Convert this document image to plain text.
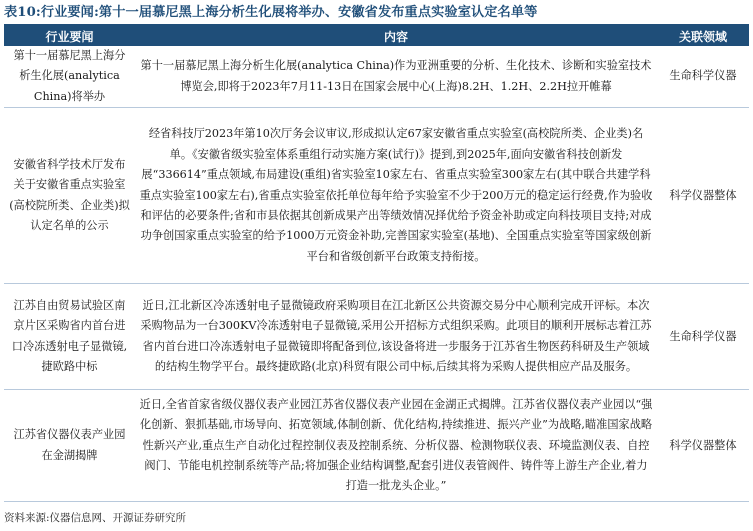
表10:行业要闻:第十一届慕尼黑上海分析生化展将举办、安徽省发布重点实验室认定名单等
行业要闻	内容	关联领域
第十一届慕尼黑上海分析生化展(analytica China)将举办	第十一届慕尼黑上海分析生化展(analytica China)作为亚洲重要的分析、生化技术、诊断和实验室技术博览会,即将于2023年7月11-13日在国家会展中心(上海)8.2H、1.2H、2.2H拉开帷幕	生命科学仪器
安徽省科学技术厅发布关于安徽省重点实验室(高校院所类、企业类)拟认定名单的公示	经省科技厅2023年第10次厅务会议审议,形成拟认定67家安徽省重点实验室(高校院所类、企业类)名单。《安徽省级实验室体系重组行动实施方案(试行)》提到,到2025年,面向安徽省科技创新发展“336614”重点领域,布局建设(重组)省实验室10家左右、省重点实验室300家左右(其中联合共建学科重点实验室100家左右),省重点实验室依托单位每年给予实验室不少于200万元的稳定运行经费,作为验收和评估的必要条件;省和市县依据其创新成果产出等绩效情况择优给予资金补助或定向科技项目支持;对成功争创国家重点实验室的给予1000万元资金补助,完善国家实验室(基地)、全国重点实验室等国家级创新平台和省级创新平台政策支持衔接。	科学仪器整体
江苏自由贸易试验区南京片区采购省内首台进口冷冻透射电子显微镜,捷欧路中标	近日,江北新区冷冻透射电子显微镜政府采购项目在江北新区公共资源交易分中心顺利完成开评标。本次采购物品为一台300KV冷冻透射电子显微镜,采用公开招标方式组织采购。此项目的顺利开展标志着江苏省内首台进口冷冻透射电子显微镜即将配备到位,该设备将进一步服务于江苏省生物医药科研及生产领域的结构生物学平台。最终捷欧路(北京)科贸有限公司中标,后续其将为采购人提供相应产品及服务。	生命科学仪器
江苏省仪器仪表产业园在金湖揭牌	近日,全省首家省级仪器仪表产业园江苏省仪器仪表产业园在金湖正式揭牌。江苏省仪器仪表产业园以“强化创新、狠抓基础,市场导向、拓宽领域,体制创新、优化结构,持续推进、振兴产业”为战略,瞄准国家战略性新兴产业,重点生产自动化过程控制仪表及控制系统、分析仪器、检测物联仪表、环境监测仪表、自控阀门、节能电机控制系统等产品;将加强企业结构调整,配套引进仪表管阀件、铸件等上游生产企业,着力打造一批龙头企业。”	科学仪器整体
资料来源:仪器信息网、开源证券研究所
